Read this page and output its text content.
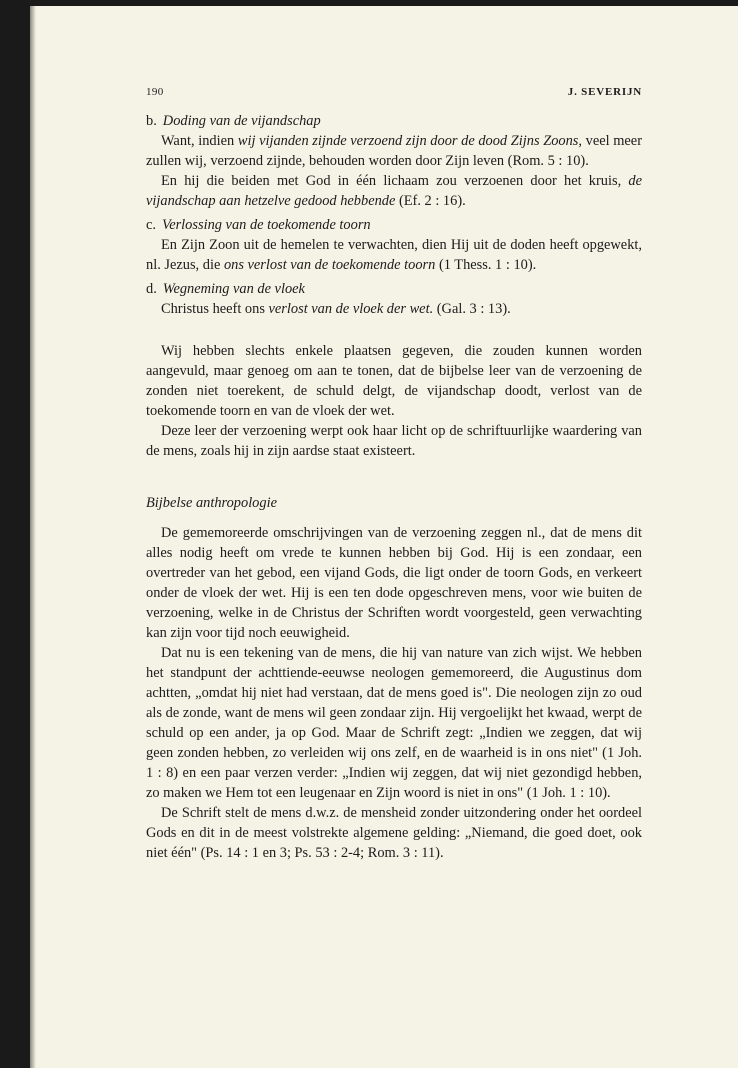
190	J. SEVERIJN

b. Doding van de vijandschap

Want, indien wij vijanden zijnde verzoend zijn door de dood Zijns Zoons, veel meer zullen wij, verzoend zijnde, behouden worden door Zijn leven (Rom. 5 : 10).

En hij die beiden met God in één lichaam zou verzoenen door het kruis, de vijandschap aan hetzelve gedood hebbende (Ef. 2 : 16).

c. Verlossing van de toekomende toorn

En Zijn Zoon uit de hemelen te verwachten, dien Hij uit de doden heeft opgewekt, nl. Jezus, die ons verlost van de toekomende toorn (1 Thess. 1 : 10).

d. Wegneming van de vloek

Christus heeft ons verlost van de vloek der wet. (Gal. 3 : 13).

Wij hebben slechts enkele plaatsen gegeven, die zouden kunnen worden aangevuld, maar genoeg om aan te tonen, dat de bijbelse leer van de verzoening de zonden niet toerekent, de schuld delgt, de vijandschap doodt, verlost van de toekomende toorn en van de vloek der wet.

Deze leer der verzoening werpt ook haar licht op de schriftuurlijke waardering van de mens, zoals hij in zijn aardse staat existeert.

Bijbelse anthropologie

De gememoreerde omschrijvingen van de verzoening zeggen nl., dat de mens dit alles nodig heeft om vrede te kunnen hebben bij God. Hij is een zondaar, een overtreder van het gebod, een vijand Gods, die ligt onder de toorn Gods, en verkeert onder de vloek der wet. Hij is een ten dode opgeschreven mens, voor wie buiten de verzoening, welke in de Christus der Schriften wordt voorgesteld, geen verwachting kan zijn voor tijd noch eeuwigheid.

Dat nu is een tekening van de mens, die hij van nature van zich wijst. We hebben het standpunt der achttiende-eeuwse neologen gememoreerd, die Augustinus dom achtten, „omdat hij niet had verstaan, dat de mens goed is". Die neologen zijn zo oud als de zonde, want de mens wil geen zondaar zijn. Hij vergoelijkt het kwaad, werpt de schuld op een ander, ja op God. Maar de Schrift zegt: „Indien we zeggen, dat wij geen zonden hebben, zo verleiden wij ons zelf, en de waarheid is in ons niet" (1 Joh. 1 : 8) en een paar verzen verder: „Indien wij zeggen, dat wij niet gezondigd hebben, zo maken we Hem tot een leugenaar en Zijn woord is niet in ons" (1 Joh. 1 : 10).

De Schrift stelt de mens d.w.z. de mensheid zonder uitzondering onder het oordeel Gods en dit in de meest volstrekte algemene gelding: „Niemand, die goed doet, ook niet één" (Ps. 14 : 1 en 3; Ps. 53 : 2-4; Rom. 3 : 11).
